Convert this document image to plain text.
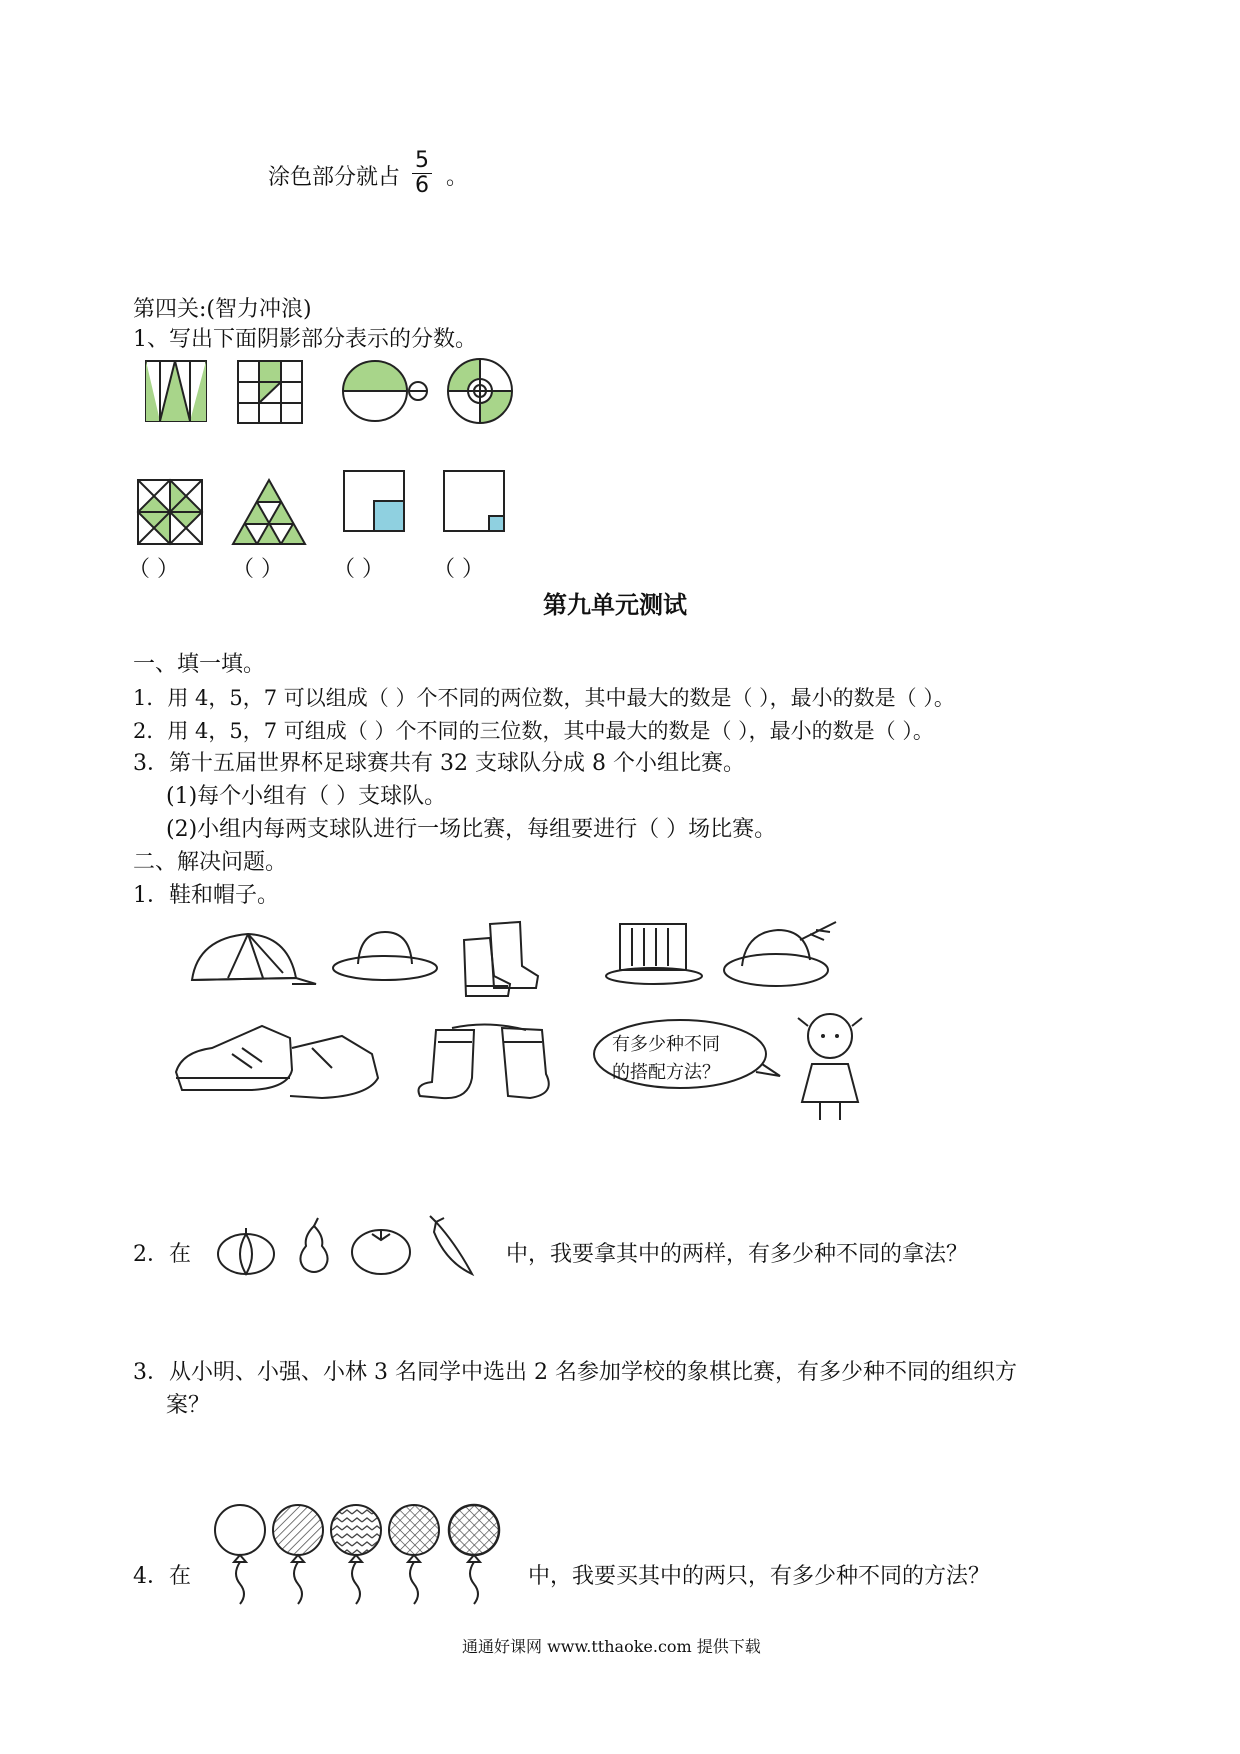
涂色部分就占
5
6 。
第四关:(智力冲浪)
1、写出下面阴影部分表示的分数。
（ ） （ ） （ ） （ ）
第九单元测试
一、填一填。
1．用 4，5，7 可以组成（ ）个不同的两位数，其中最大的数是（ ），最小的数是（ ）。
2．用 4，5，7 可组成（ ）个不同的三位数，其中最大的数是（ ），最小的数是（ ）。
3．第十五届世界杯足球赛共有 32 支球队分成 8 个小组比赛。
(1)每个小组有（ ）支球队。
(2)小组内每两支球队进行一场比赛，每组要进行（ ）场比赛。
二、解决问题。
1．鞋和帽子。
有多少种不同
的搭配方法？
2．在	中，我要拿其中的两样，有多少种不同的拿法？
3．从小明、小强、小林 3 名同学中选出 2 名参加学校的象棋比赛，有多少种不同的组织方
案？
4．在	中，我要买其中的两只，有多少种不同的方法？
通通好课网 www.tthaoke.com 提供下载
